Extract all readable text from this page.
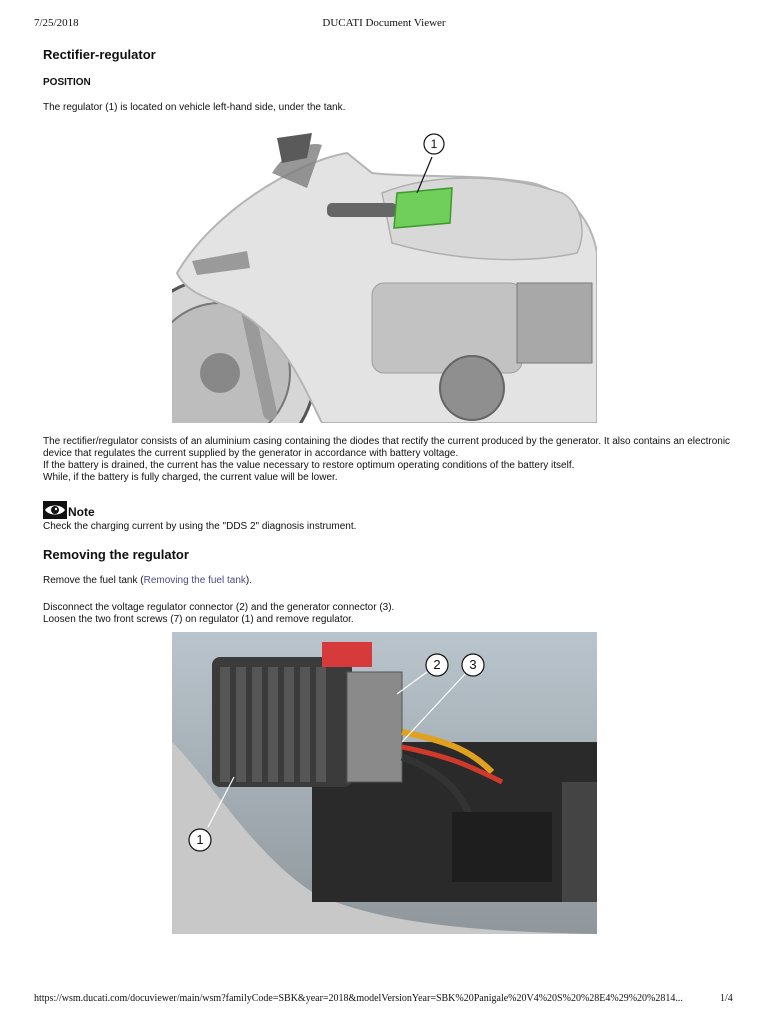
7/25/2018	DUCATI Document Viewer
Rectifier-regulator

POSITION

The regulator (1) is located on vehicle left-hand side, under the tank.

1
The rectifier/regulator consists of an aluminium casing containing the diodes that rectify the current produced by the generator. It also contains an electronic device that regulates the current supplied by the generator in accordance with battery voltage.
If the battery is drained, the current has the value necessary to restore optimum operating conditions of the battery itself.
While, if the battery is fully charged, the current value will be lower.
Note

Check the charging current by using the "DDS 2" diagnosis instrument.

Removing the regulator

Remove the fuel tank (Removing the fuel tank).

Disconnect the voltage regulator connector (2) and the generator connector (3).
Loosen the two front screws (7) on regulator (1) and remove regulator.
2 3
1
https://wsm.ducati.com/docuviewer/main/wsm?familyCode=SBK&year=2018&modelVersionYear=SBK%20Panigale%20V4%20S%20%28E4%29%20%2814...	1/4
